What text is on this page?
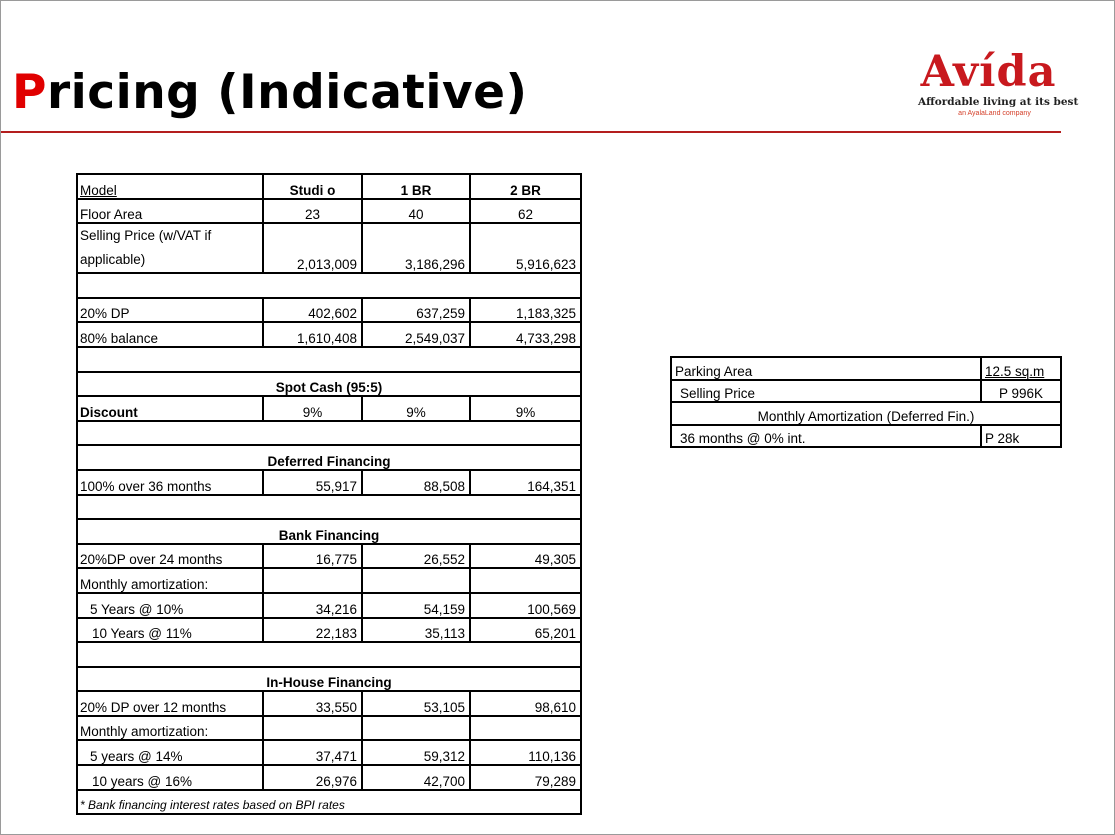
Pricing (Indicative)	Avída
Affordable living at its best
an AyalaLand company
Model	Studi o	1 BR	2 BR
Floor Area	23	40	62
Selling Price (w/VAT if applicable)	2,013,009	3,186,296	5,916,623

20% DP	402,602	637,259	1,183,325
80% balance	1,610,408	2,549,037	4,733,298

Spot Cash (95:5)			
Discount	9%	9%	9%

Deferred Financing			
100% over 36 months	55,917	88,508	164,351

Bank Financing			
20%DP over 24 months	16,775	26,552	49,305
Monthly amortization:			
5 Years @ 10%	34,216	54,159	100,569
10 Years @ 11%	22,183	35,113	65,201

In-House Financing			
20% DP over 12 months	33,550	53,105	98,610
Monthly amortization:			
5 years @ 14%	37,471	59,312	110,136
10 years @ 16%	26,976	42,700	79,289
* Bank financing interest rates based on BPI rates			
Parking Area	12.5 sq.m
Selling Price	P 996K
Monthly Amortization (Deferred Fin.)	
36 months @ 0% int.	P 28k
